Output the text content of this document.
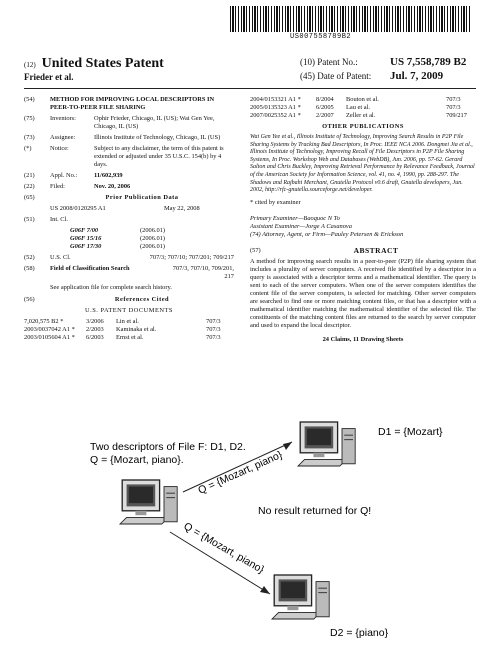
US007558789B2
(12) United States Patent
Frieder et al.
(10) Patent No.:	US 7,558,789 B2
(45) Date of Patent: Jul. 7, 2009
(54)	METHOD FOR IMPROVING LOCAL DESCRIPTORS IN PEER-TO-PEER FILE SHARING
(75)	Inventors:	Ophir Frieder, Chicago, IL (US); Wai Gen Yee, Chicago, IL (US)
(73)	Assignee:	Illinois Institute of Technology, Chicago, IL (US)
(*)	Notice:	Subject to any disclaimer, the term of this patent is extended or adjusted under 35 U.S.C. 154(b) by 4 days.
(21)	Appl. No.:	11/602,939
(22)	Filed:	Nov. 20, 2006
(65)	Prior Publication Data
US 2008/0120295 A1	May 22, 2008
(51)	Int. Cl.
G06F 7/00	(2006.01)
G06F 15/16	(2006.01)
G06F 17/30	(2006.01)
(52)	U.S. Cl.	707/3; 707/10; 707/201; 709/217
(58)	Field of Classification Search	707/3, 707/10, 709/201, 217
See application file for complete search history.
(56)	References Cited
U.S. PATENT DOCUMENTS
7,020,575 B2 *	3/2006	Lin et al.	707/3
2003/0037042 A1 *	2/2003	Kaminaka et al.	707/3
2003/0105604 A1 *	6/2003	Ernst et al.	707/3
2004/0153321 A1 *	8/2004	Bouton et al.	707/3
2005/0135323 A1 *	6/2005	Lau et al.	707/3
2007/0025352 A1 *	2/2007	Zeller et al.	709/217
OTHER PUBLICATIONS
Wai Gen Yee et al., Illinois Institute of Technology, Improving Search Results in P2P File Sharing Systems by Tracking Bad Descriptors, In Proc. IEEE NCA 2006. Dongmei Jia et al., Illinois Institute of Technology, Improving Recall of File Descriptors in P2P File Sharing Systems, In Proc. Workshop Web and Databases (WebDB), Jun. 2006, pp. 57-62. Gerard Salton and Chris Buckley, Improving Retrieval Performance by Relevance Feedback, Journal of the American Society for Information Science, vol. 41, no. 4, 1990, pp. 288-297. The Shadows and Rajbahi Merchant, Gnutella Protocol v0.6 draft, Gnutella developers, Jun. 2002, http://rfc-gnutella.sourceforge.net/developer.
* cited by examiner
Primary Examiner—Baoquoc N To
Assistant Examiner—Jorge A Casanova
(74) Attorney, Agent, or Firm—Pauley Petersen & Erickson
(57)	ABSTRACT
A method for improving search results in a peer-to-peer (P2P) file sharing system that includes a plurality of server computers. A received file identified by a descriptor in a query is associated with a descriptor terms and a mathematical identifier. The query is sent to each of the server computers. When one of the server computers identifies the content file of the server computers, is selected for matching. Other server computers are searched to find one or more matching content files, or that has a descriptor with a mathematical identifier matching the mathematical identifier of the selected file. The constituents of the matching content files are returned to the search by server computer and used to expand the local descriptor.
24 Claims, 11 Drawing Sheets
Two descriptors of File F: D1, D2.
Q = {Mozart, piano}.
D1 = {Mozart}
D2 = {piano}
Q = {Mozart, piano}
Q = {Mozart, piano}
No result returned for Q!
